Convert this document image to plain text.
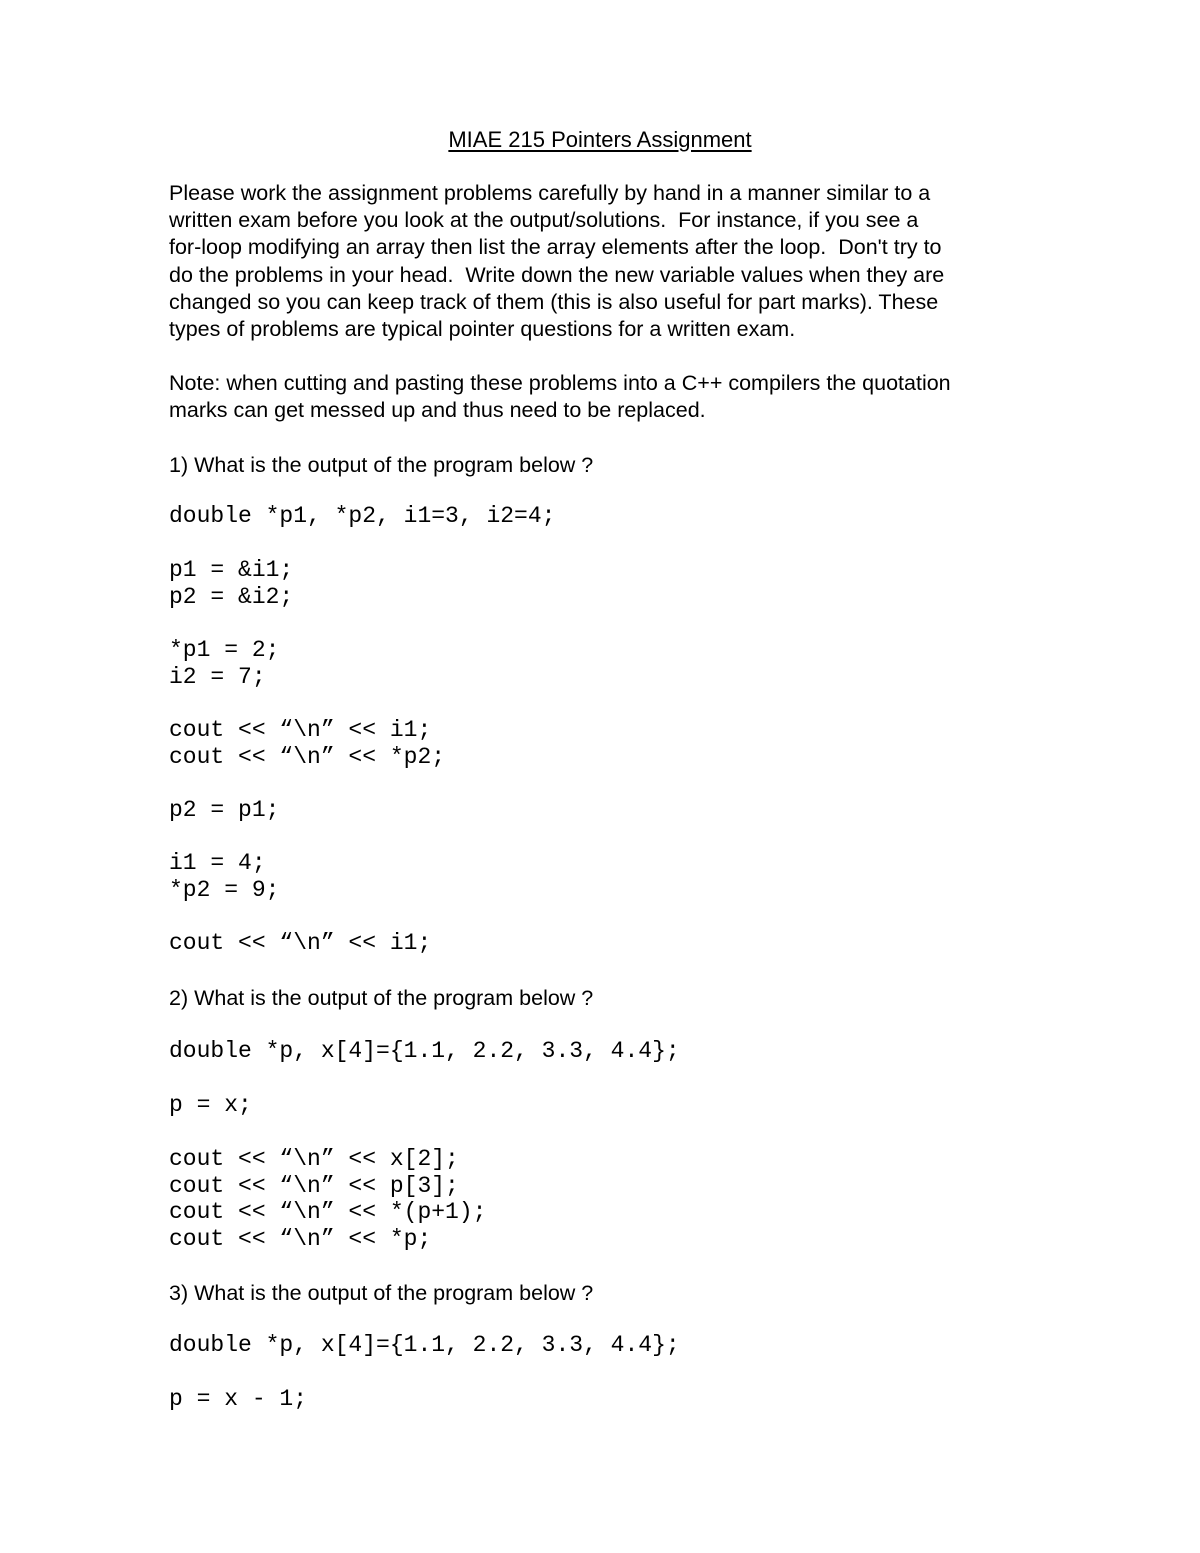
MIAE 215 Pointers Assignment

Please work the assignment problems carefully by hand in a manner similar to a
written exam before you look at the output/solutions.  For instance, if you see a
for-loop modifying an array then list the array elements after the loop.  Don't try to
do the problems in your head.  Write down the new variable values when they are
changed so you can keep track of them (this is also useful for part marks). These
types of problems are typical pointer questions for a written exam.

Note: when cutting and pasting these problems into a C++ compilers the quotation
marks can get messed up and thus need to be replaced.

1) What is the output of the program below ?

double *p1, *p2, i1=3, i2=4;
p1 = &i1;
p2 = &i2;
*p1 = 2;
i2 = 7;
cout << “\n” << i1;
cout << “\n” << *p2;
p2 = p1;
i1 = 4;
*p2 = 9;
cout << “\n” << i1;

2) What is the output of the program below ?

double *p, x[4]={1.1, 2.2, 3.3, 4.4};
p = x;
cout << “\n” << x[2];
cout << “\n” << p[3];
cout << “\n” << *(p+1);
cout << “\n” << *p;

3) What is the output of the program below ?

double *p, x[4]={1.1, 2.2, 3.3, 4.4};
p = x - 1;
